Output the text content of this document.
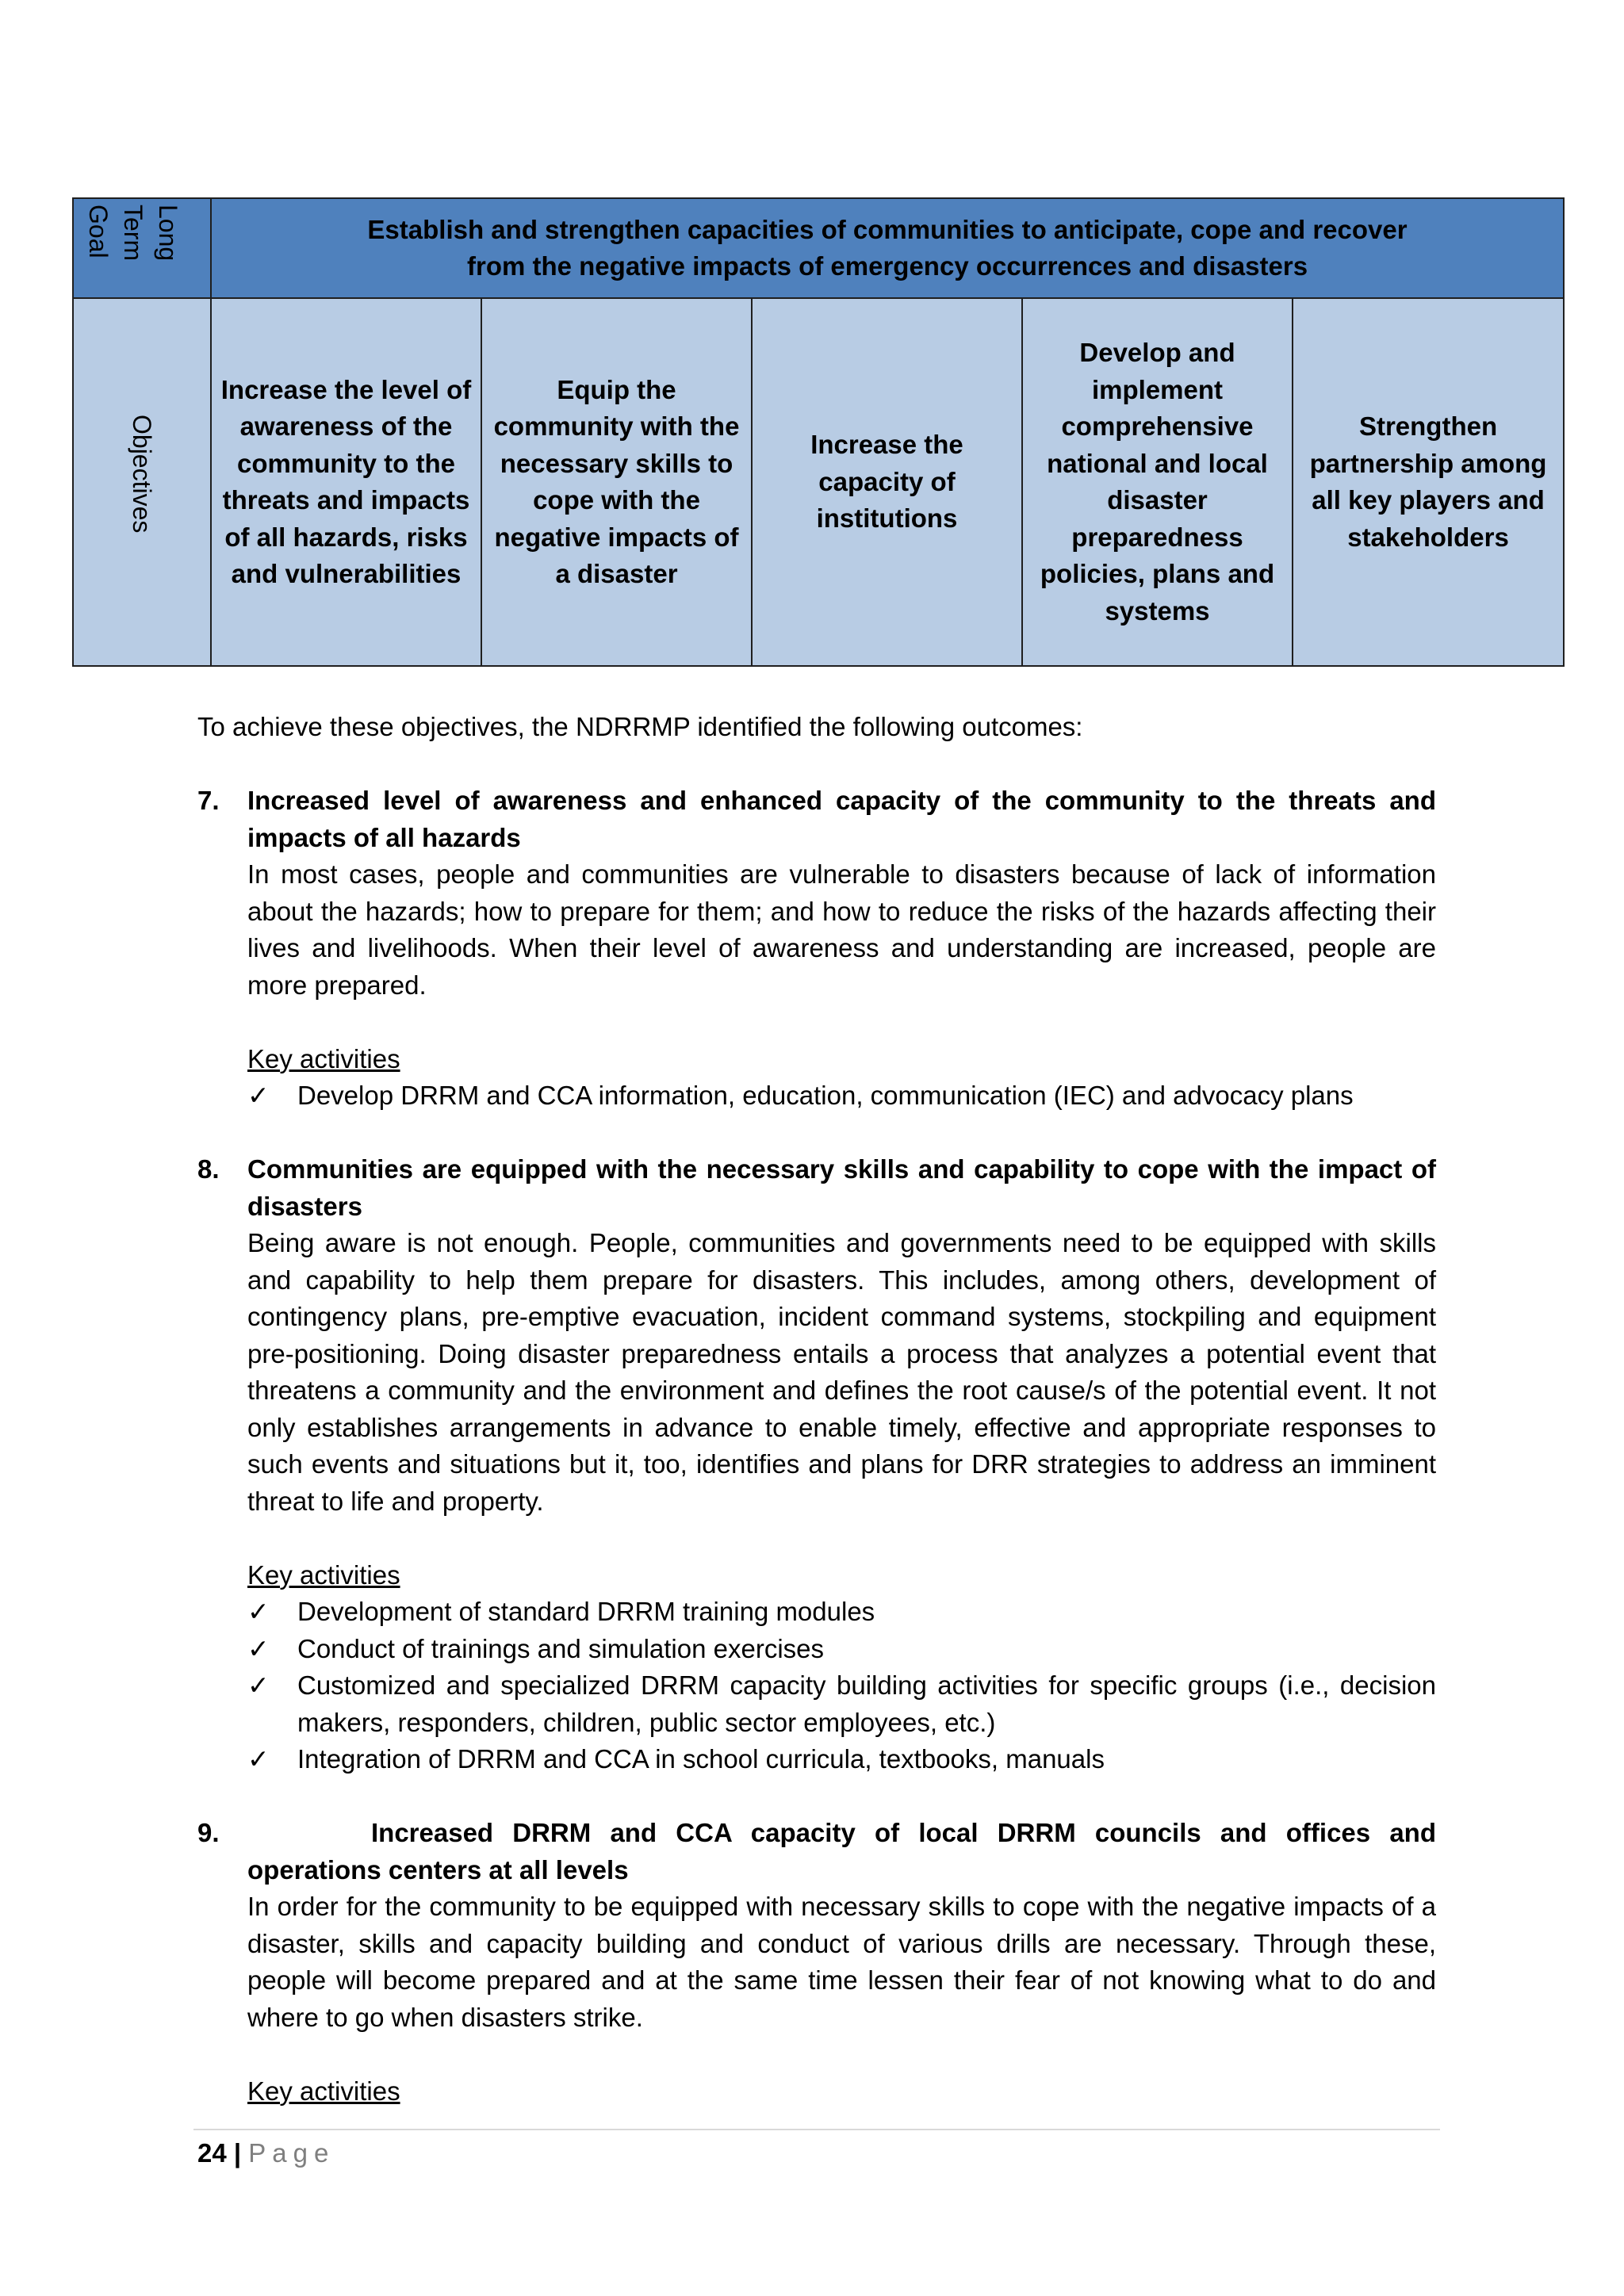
Long Term Goal	Establish and strengthen capacities of communities to anticipate, cope and recover from the negative impacts of emergency occurrences and disasters				

Objectives	Increase the level of awareness of the community to the threats and impacts of all hazards, risks and vulnerabilities	Equip the community with the necessary skills to cope with the negative impacts of a disaster	Increase the capacity of institutions	Develop and implement comprehensive national and local disaster preparedness policies, plans and systems	Strengthen partnership among all key players and stakeholders

To achieve these objectives, the NDRRMP identified the following outcomes:

7. Increased level of awareness and enhanced capacity of the community to the threats and impacts of all hazards
In most cases, people and communities are vulnerable to disasters because of lack of information about the hazards; how to prepare for them; and how to reduce the risks of the hazards affecting their lives and livelihoods. When their level of awareness and understanding are increased, people are more prepared.
Key activities
✓ Develop DRRM and CCA information, education, communication (IEC) and advocacy plans
8. Communities are equipped with the necessary skills and capability to cope with the impact of disasters
Being aware is not enough. People, communities and governments need to be equipped with skills and capability to help them prepare for disasters. This includes, among others, development of contingency plans, pre-emptive evacuation, incident command systems, stockpiling and equipment pre-positioning. Doing disaster preparedness entails a process that analyzes a potential event that threatens a community and the environment and defines the root cause/s of the potential event. It not only establishes arrangements in advance to enable timely, effective and appropriate responses to such events and situations but it, too, identifies and plans for DRR strategies to address an imminent threat to life and property.
Key activities
✓ Development of standard DRRM training modules
✓ Conduct of trainings and simulation exercises
✓ Customized and specialized DRRM capacity building activities for specific groups (i.e., decision makers, responders, children, public sector employees, etc.)
✓ Integration of DRRM and CCA in school curricula, textbooks, manuals
9.	Increased DRRM and CCA capacity of local DRRM councils and offices and operations centers at all levels
In order for the community to be equipped with necessary skills to cope with the negative impacts of a disaster, skills and capacity building and conduct of various drills are necessary. Through these, people will become prepared and at the same time lessen their fear of not knowing what to do and where to go when disasters strike.
Key activities
24 | Page
